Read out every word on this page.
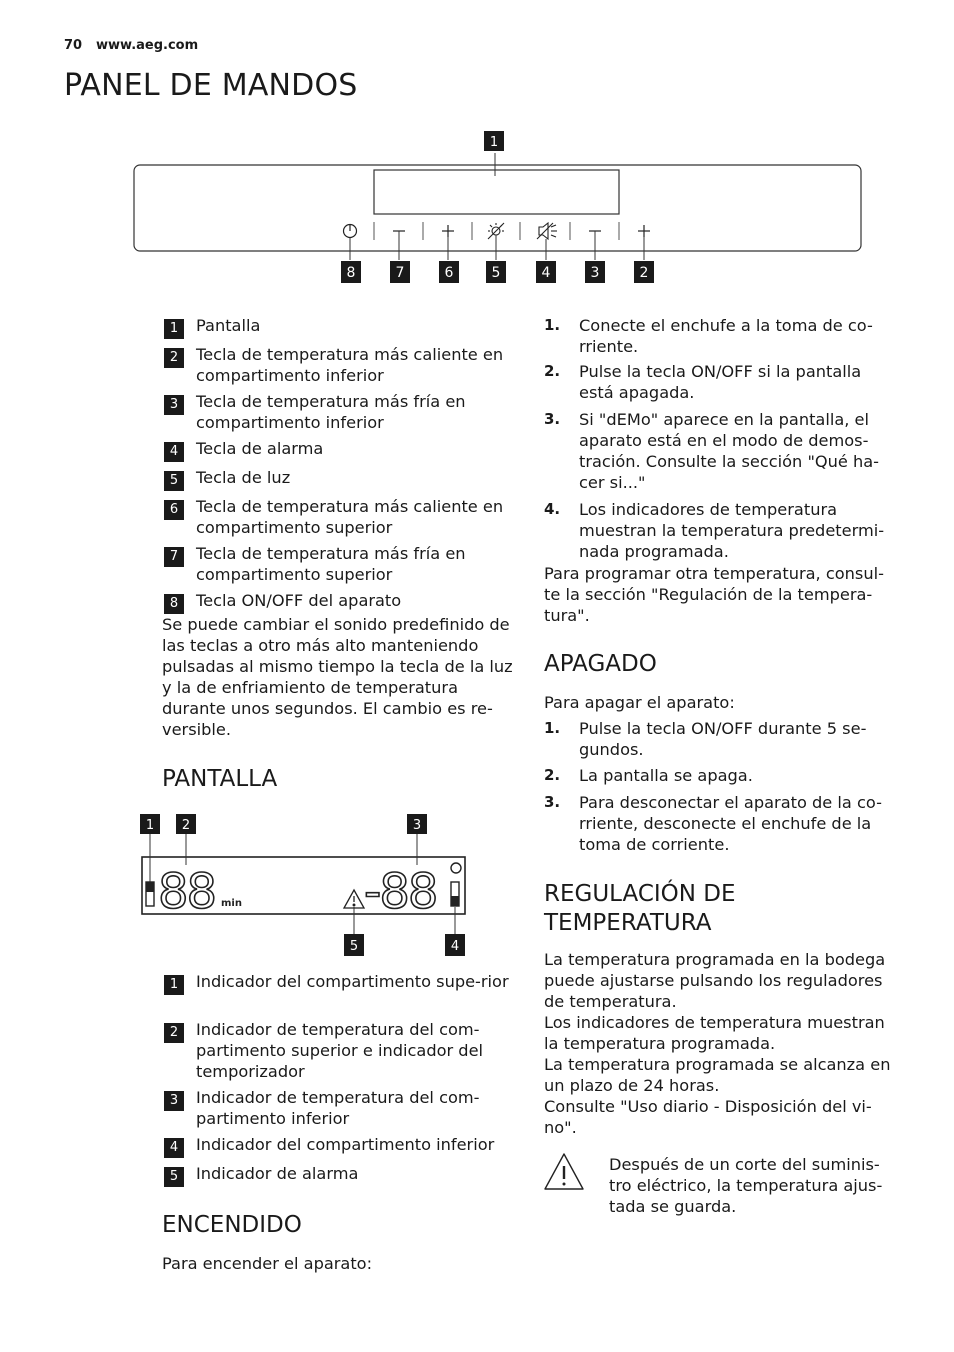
70 www.aeg.com
PANEL DE MANDOS
1
8	7	6	5	4	3	2
1	Pantalla
2	Tecla de temperatura más caliente en compartimento inferior
3	Tecla de temperatura más fría en compartimento inferior
4	Tecla de alarma
5	Tecla de luz
6	Tecla de temperatura más caliente en compartimento superior
7	Tecla de temperatura más fría en compartimento superior
8	Tecla ON/OFF del aparato
Se puede cambiar el sonido predefinido de las teclas a otro más alto manteniendo pulsadas al mismo tiempo la tecla de la luz y la de enfriamiento de temperatura durante unos segundos. El cambio es re-versible.
PANTALLA
1 2	3
5	4
88 min	-88
1	Indicador del compartimento supe-rior
2	Indicador de temperatura del com-partimento superior e indicador del temporizador
3	Indicador de temperatura del com-partimento inferior
4	Indicador del compartimento inferior
5	Indicador de alarma
ENCENDIDO
Para encender el aparato:
1. Conecte el enchufe a la toma de co-rriente.
2. Pulse la tecla ON/OFF si la pantalla está apagada.
3. Si "dEMo" aparece en la pantalla, el aparato está en el modo de demos-tración. Consulte la sección "Qué ha-cer si..."
4. Los indicadores de temperatura muestran la temperatura predetermi-nada programada.
Para programar otra temperatura, consul-te la sección "Regulación de la tempera-tura".
APAGADO
Para apagar el aparato:
1. Pulse la tecla ON/OFF durante 5 se-gundos.
2. La pantalla se apaga.
3. Para desconectar el aparato de la co-rriente, desconecte el enchufe de la toma de corriente.
REGULACIÓN DE
TEMPERATURA
La temperatura programada en la bodega puede ajustarse pulsando los reguladores de temperatura.
Los indicadores de temperatura muestran la temperatura programada.
La temperatura programada se alcanza en un plazo de 24 horas.
Consulte "Uso diario - Disposición del vi-no".
Después de un corte del suminis-tro eléctrico, la temperatura ajus-tada se guarda.
